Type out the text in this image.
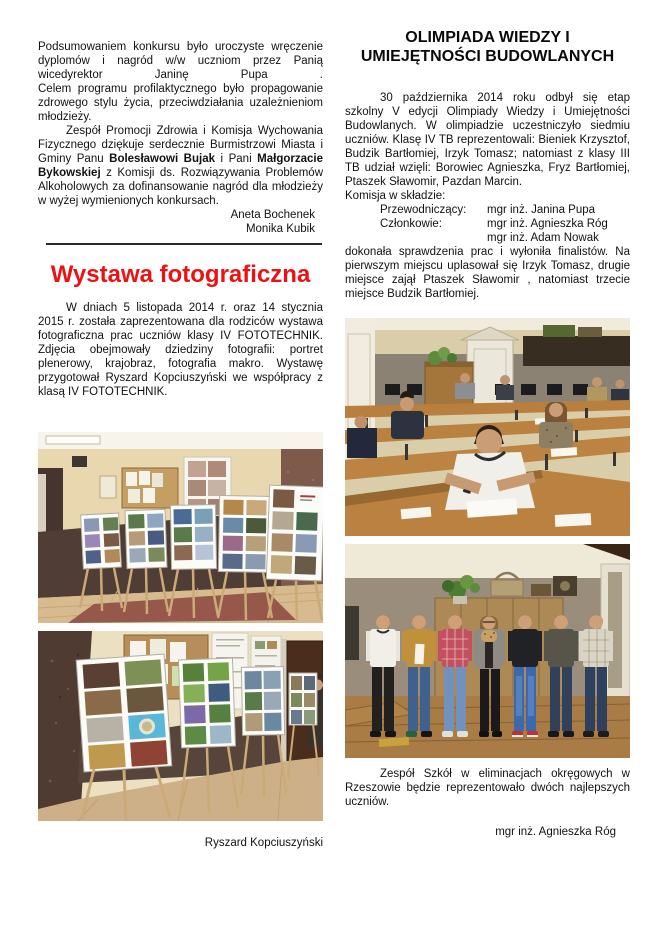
Podsumowaniem konkursu było uroczyste wręczenie dyplomów i nagród w/w uczniom przez Panią wicedyrektor Janinę Pupa .

Celem programu profilaktycznego było propagowanie zdrowego stylu życia, przeciwdziałania uzależnieniom młodzieży.

Zespół Promocji Zdrowia i Komisja Wychowania Fizycznego dziękuje serdecznie Burmistrzowi Miasta i Gminy Panu Bolesławowi Bujak i Pani Małgorzacie Bykowskiej z Komisji ds. Rozwiązywania Problemów Alkoholowych za dofinansowanie nagród dla młodzieży w wyżej wymienionych konkursach.

Aneta Bochenek
Monika Kubik
Wystawa fotograficzna

W dniach 5 listopada 2014 r. oraz 14 stycznia 2015 r. została zaprezentowana dla rodziców wystawa fotograficzna prac uczniów klasy IV FOTOTECHNIK. Zdjęcia obejmowały dziedziny fotografii: portret plenerowy, krajobraz, fotografia makro. Wystawę przygotował Ryszard Kopciuszyński we współpracy z klasą IV FOTOTECHNIK.

Ryszard Kopciuszyński
OLIMPIADA WIEDZY I
UMIEJĘTNOŚCI BUDOWLANYCH

30 października 2014 roku odbył się etap szkolny V edycji Olimpiady Wiedzy i Umiejętności Budowlanych. W olimpiadzie uczestniczyło siedmiu uczniów. Klasę IV TB reprezentowali: Bieniek Krzysztof, Budzik Bartłomiej, Irzyk Tomasz; natomiast z klasy III TB udział wzięli: Borowiec Agnieszka, Fryz Bartłomiej, Ptaszek Sławomir, Pazdan Marcin.

Komisja w składzie:
Przewodniczący: mgr inż. Janina Pupa
Członkowie:	mgr inż. Agnieszka Róg
mgr inż. Adam Nowak

dokonała sprawdzenia prac i wyłoniła finalistów. Na pierwszym miejscu uplasował się Irzyk Tomasz, drugie miejsce zajął Ptaszek Sławomir , natomiast trzecie miejsce Budzik Bartłomiej.

Zespół Szkół w eliminacjach okręgowych w Rzeszowie będzie reprezentowało dwóch najlepszych uczniów.

mgr inż. Agnieszka Róg
